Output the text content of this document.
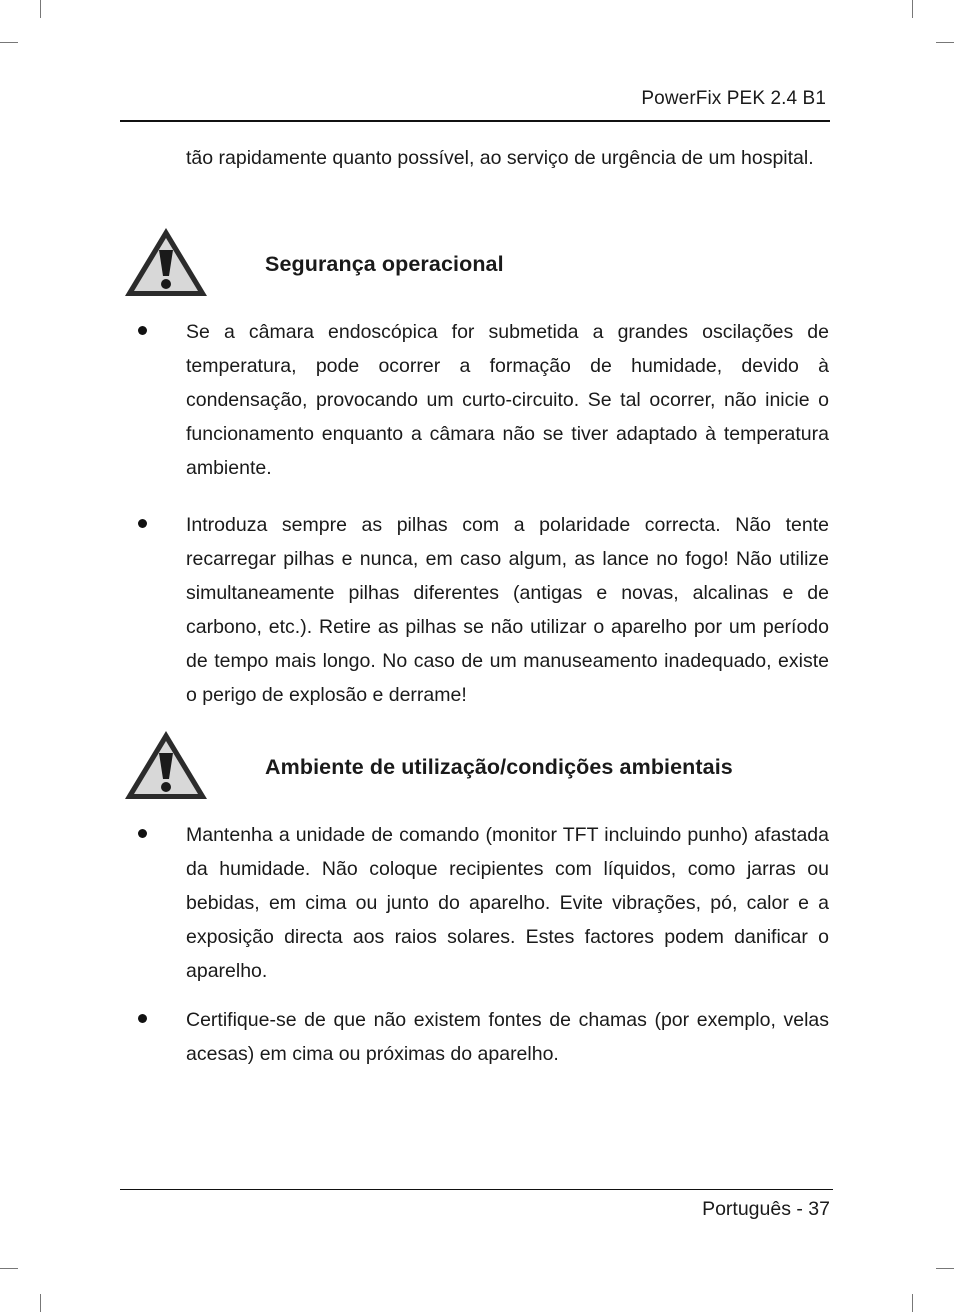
PowerFix PEK 2.4 B1

tão rapidamente quanto possível, ao serviço de urgência de um hospital.

Segurança operacional

Se a câmara endoscópica for submetida a grandes oscilações de temperatura, pode ocorrer a formação de humidade, devido à condensação, provocando um curto-circuito. Se tal ocorrer, não inicie o funcionamento enquanto a câmara não se tiver adaptado à temperatura ambiente.

Introduza sempre as pilhas com a polaridade correcta. Não tente recarregar pilhas e nunca, em caso algum, as lance no fogo! Não utilize simultaneamente pilhas diferentes (antigas e novas, alcalinas e de carbono, etc.). Retire as pilhas se não utilizar o aparelho por um período de tempo mais longo. No caso de um manuseamento inadequado, existe o perigo de explosão e derrame!

Ambiente de utilização/condições ambientais

Mantenha a unidade de comando (monitor TFT incluindo punho) afastada da humidade. Não coloque recipientes com líquidos, como jarras ou bebidas, em cima ou junto do aparelho. Evite vibrações, pó, calor e a exposição directa aos raios solares. Estes factores podem danificar o aparelho.

Certifique-se de que não existem fontes de chamas (por exemplo, velas acesas) em cima ou próximas do aparelho.

Português - 37
